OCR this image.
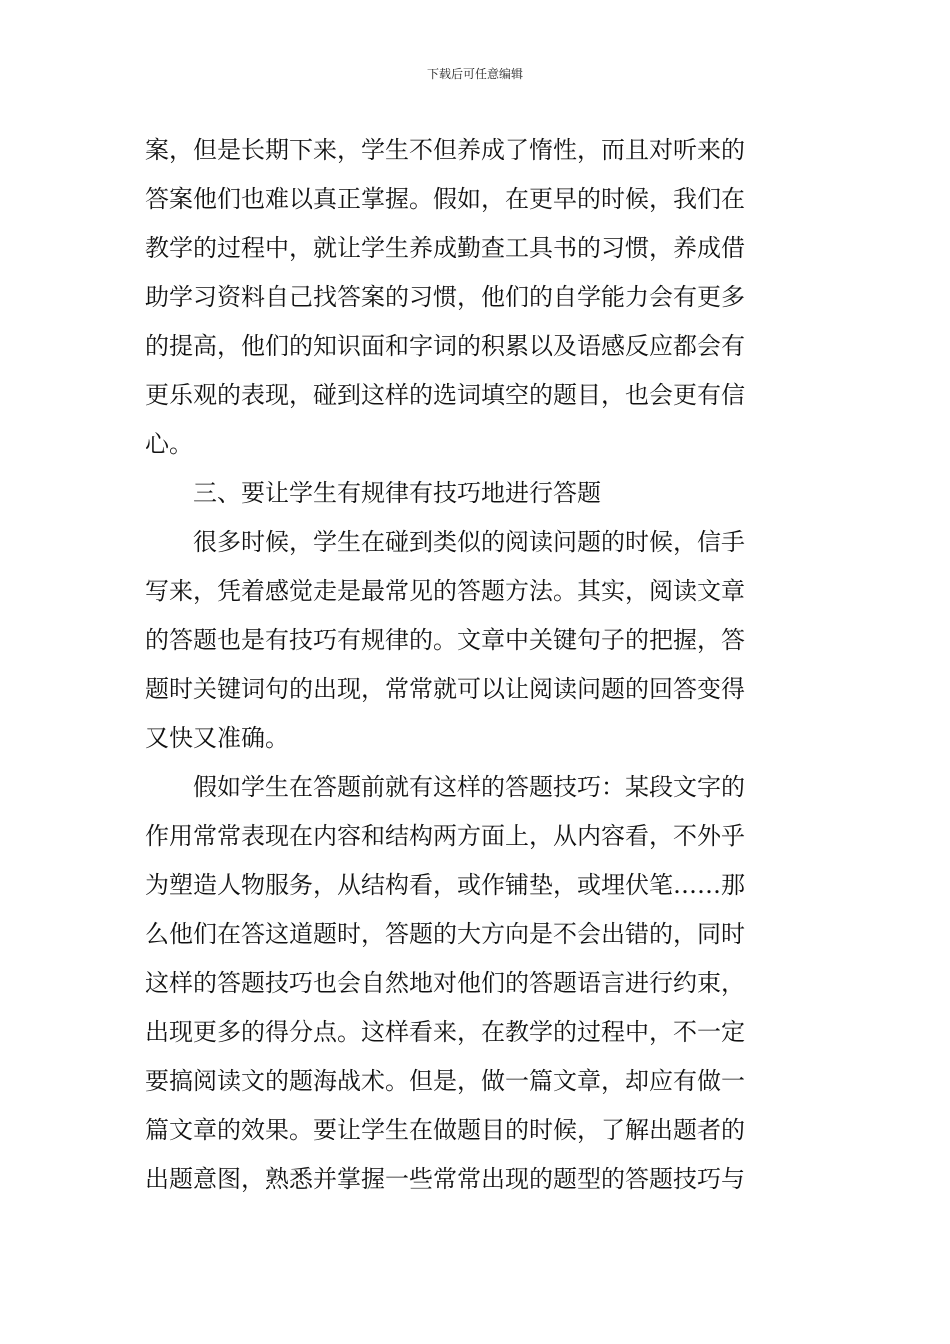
下载后可任意编辑
案，但是长期下来，学生不但养成了惰性，而且对听来的
答案他们也难以真正掌握。假如，在更早的时候，我们在
教学的过程中，就让学生养成勤查工具书的习惯，养成借
助学习资料自己找答案的习惯，他们的自学能力会有更多
的提高，他们的知识面和字词的积累以及语感反应都会有
更乐观的表现，碰到这样的选词填空的题目，也会更有信
心。
三、要让学生有规律有技巧地进行答题
很多时候，学生在碰到类似的阅读问题的时候，信手
写来，凭着感觉走是最常见的答题方法。其实，阅读文章
的答题也是有技巧有规律的。文章中关键句子的把握，答
题时关键词句的出现，常常就可以让阅读问题的回答变得
又快又准确。
假如学生在答题前就有这样的答题技巧：某段文字的
作用常常表现在内容和结构两方面上，从内容看，不外乎
为塑造人物服务，从结构看，或作铺垫，或埋伏笔……那
么他们在答这道题时，答题的大方向是不会出错的，同时
这样的答题技巧也会自然地对他们的答题语言进行约束，
出现更多的得分点。这样看来，在教学的过程中，不一定
要搞阅读文的题海战术。但是，做一篇文章，却应有做一
篇文章的效果。要让学生在做题目的时候，了解出题者的
出题意图，熟悉并掌握一些常常出现的题型的答题技巧与
